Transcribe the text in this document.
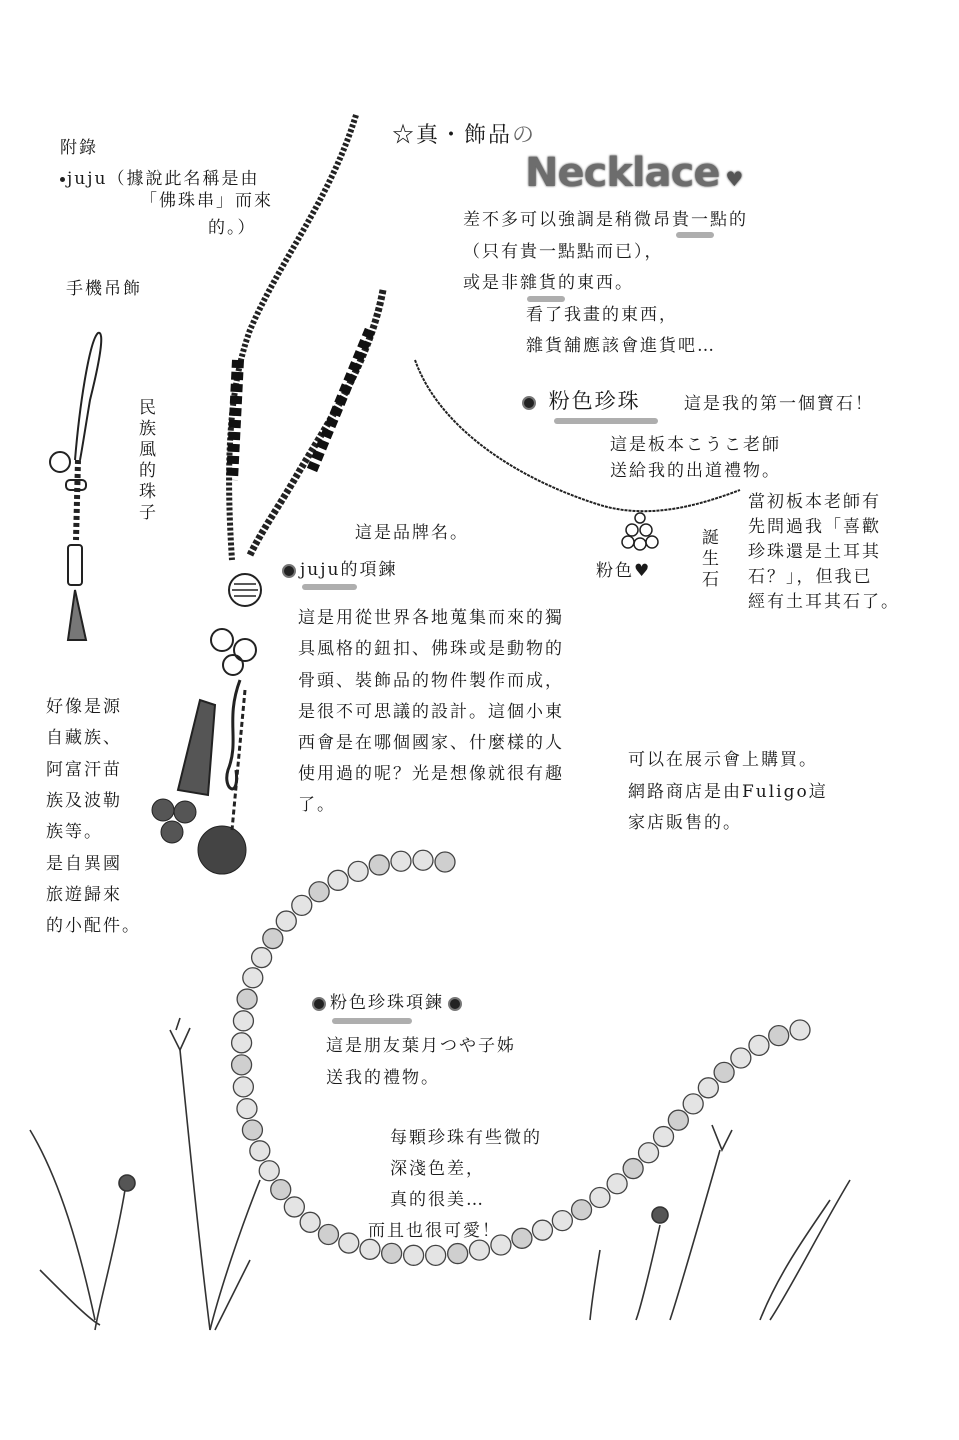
附錄
juju（據說此名稱是由
「佛珠串」而來
的。）
手機吊飾
民族風的珠子
好像是源
自藏族、
阿富汗苗
族及波勒
族等。
是自異國
旅遊歸來
的小配件。
☆真・飾品の
Necklace ♥
差不多可以強調是稍微昂貴一點的
（只有貴一點點而已），
或是非雜貨的東西。
看了我畫的東西，
雜貨舖應該會進貨吧…
粉色珍珠	這是我的第一個寶石！
這是板本こうこ老師
送給我的出道禮物。
粉色♥	誕生石
當初板本老師有
先問過我「喜歡
珍珠還是土耳其
石？」，但我已
經有土耳其石了。
這是品牌名。
juju的項鍊
這是用從世界各地蒐集而來的獨
具風格的鈕扣、佛珠或是動物的
骨頭、裝飾品的物件製作而成，
是很不可思議的設計。這個小東
西會是在哪個國家、什麼樣的人
使用過的呢？光是想像就很有趣
了。
可以在展示會上購買。
網路商店是由Fuligo這
家店販售的。
粉色珍珠項鍊
這是朋友葉月つや子姊
送我的禮物。
每顆珍珠有些微的
深淺色差，
真的很美…
而且也很可愛！
